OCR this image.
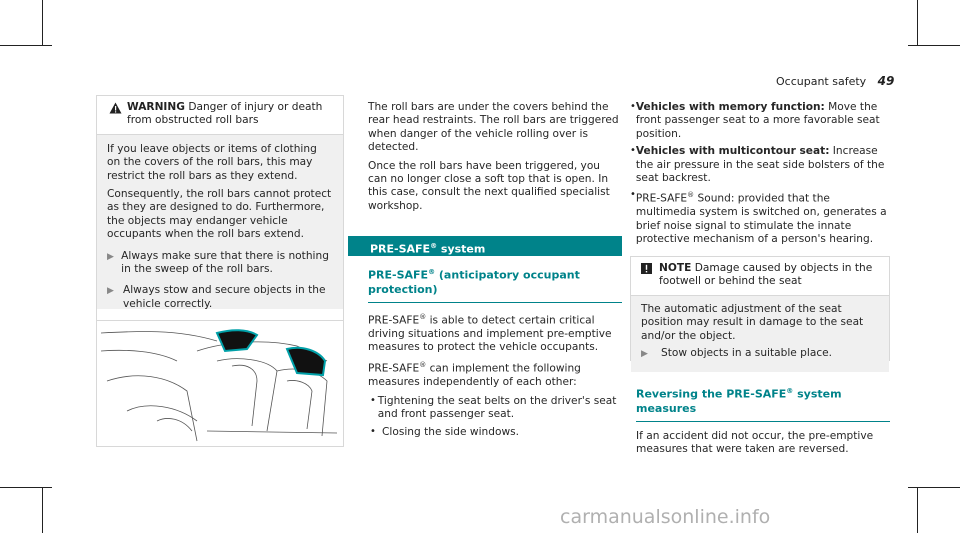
Occupant safety 49
WARNING Danger of injury or death
from obstructed roll bars

If you leave objects or items of clothing on the covers of the roll bars, this may restrict the roll bars as they extend.

Consequently, the roll bars cannot protect as they are designed to do. Furthermore, the objects may endanger vehicle occupants when the roll bars extend.

▶ Always make sure that there is nothing in the sweep of the roll bars.
▶ Always stow and secure objects in the vehicle correctly.

The roll bars are under the covers behind the rear head restraints. The roll bars are triggered when danger of the vehicle rolling over is detected.

Once the roll bars have been triggered, you can no longer close a soft top that is open. In this case, consult the next qualified specialist workshop.

PRE-SAFE® system
PRE-SAFE® (anticipatory occupant protection)

PRE-SAFE® is able to detect certain critical driving situations and implement pre-emptive measures to protect the vehicle occupants.

PRE-SAFE® can implement the following measures independently of each other:

• Tightening the seat belts on the driver's seat and front passenger seat.
• Closing the side windows.
• Vehicles with memory function: Move the front passenger seat to a more favorable seat position.
• Vehicles with multicontour seat: Increase the air pressure in the seat side bolsters of the seat backrest.
• PRE-SAFE® Sound: provided that the multimedia system is switched on, generates a brief noise signal to stimulate the innate protective mechanism of a person's hearing.
NOTE Damage caused by objects in the
footwell or behind the seat

The automatic adjustment of the seat position may result in damage to the seat and/or the object.

▶	Stow objects in a suitable place.
Reversing the PRE-SAFE® system measures

If an accident did not occur, the pre-emptive measures that were taken are reversed.

carmanualsonline.info
